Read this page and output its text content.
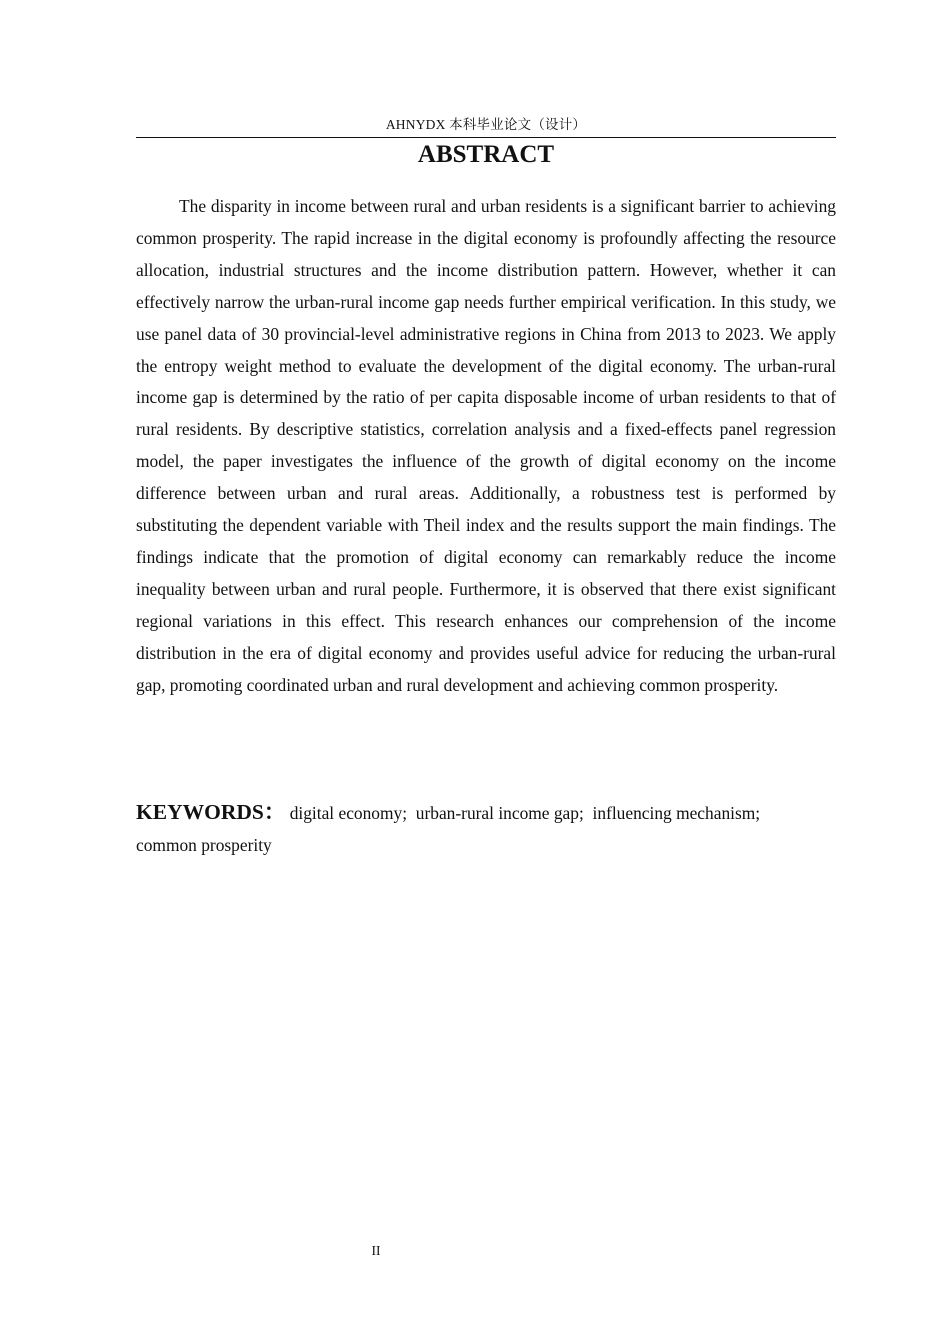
AHNYDX 本科毕业论文（设计）
ABSTRACT

The disparity in income between rural and urban residents is a significant barrier to achieving common prosperity. The rapid increase in the digital economy is profoundly affecting the resource allocation, industrial structures and the income distribution pattern. However, whether it can effectively narrow the urban-rural income gap needs further empirical verification. In this study, we use panel data of 30 provincial-level administrative regions in China from 2013 to 2023. We apply the entropy weight method to evaluate the development of the digital economy. The urban-rural income gap is determined by the ratio of per capita disposable income of urban residents to that of rural residents. By descriptive statistics, correlation analysis and a fixed-effects panel regression model, the paper investigates the influence of the growth of digital economy on the income difference between urban and rural areas. Additionally, a robustness test is performed by substituting the dependent variable with Theil index and the results support the main findings. The findings indicate that the promotion of digital economy can remarkably reduce the income inequality between urban and rural people. Furthermore, it is observed that there exist significant regional variations in this effect. This research enhances our comprehension of the income distribution in the era of digital economy and provides useful advice for reducing the urban-rural gap, promoting coordinated urban and rural development and achieving common prosperity.

KEYWORDS： digital economy; urban-rural income gap; influencing mechanism; common prosperity

II
